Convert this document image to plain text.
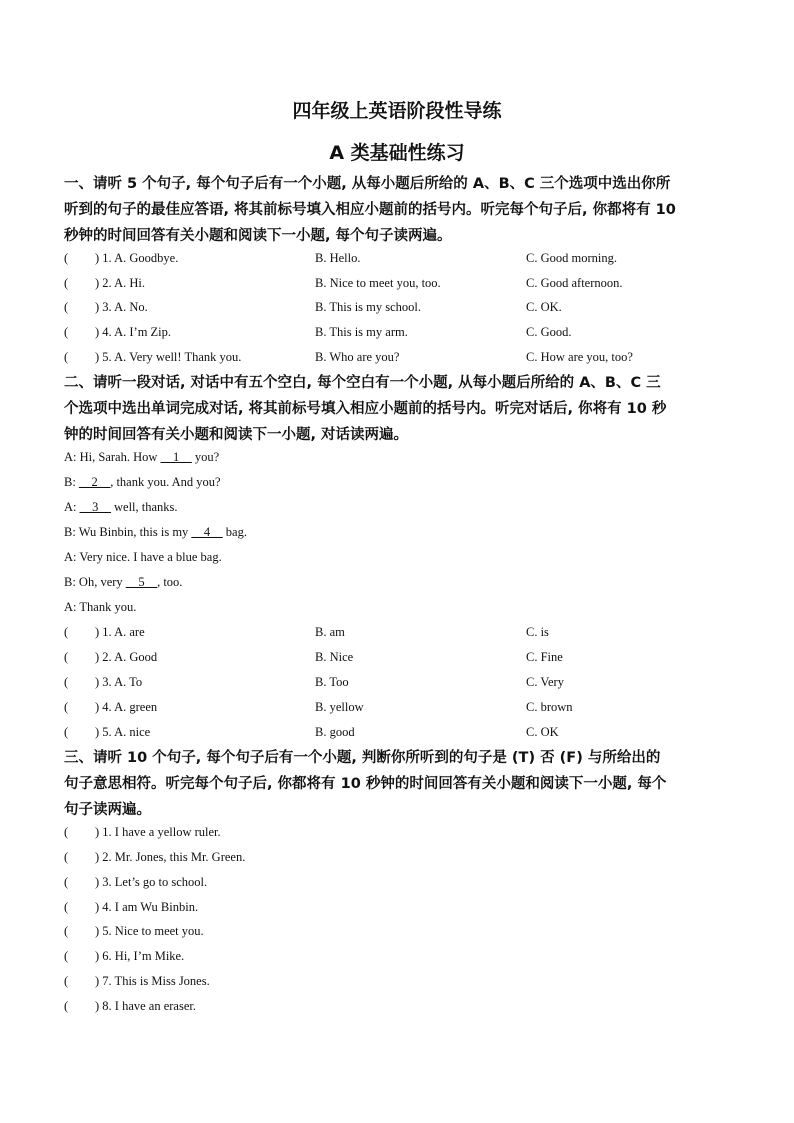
四年级上英语阶段性导练
A 类基础性练习
一、请听 5 个句子, 每个句子后有一个小题, 从每小题后所给的 A、B、C 三个选项中选出你所
听到的句子的最佳应答语, 将其前标号填入相应小题前的括号内。听完每个句子后, 你都将有 10
秒钟的时间回答有关小题和阅读下一小题, 每个句子读两遍。
( ) 1. A. Goodbye.	B. Hello.	C. Good morning.
( ) 2. A. Hi.	B. Nice to meet you, too.	C. Good afternoon.
( ) 3. A. No.	B. This is my school.	C. OK.
( ) 4. A. I’m Zip.	B. This is my arm.	C. Good.
( ) 5. A. Very well! Thank you.	B. Who are you?	C. How are you, too?
二、请听一段对话, 对话中有五个空白, 每个空白有一个小题, 从每小题后所给的 A、B、C 三
个选项中选出单词完成对话, 将其前标号填入相应小题前的括号内。听完对话后, 你将有 10 秒
钟的时间回答有关小题和阅读下一小题, 对话读两遍。
A: Hi, Sarah. How __1__ you?
B: __2__, thank you. And you?
A: __3__ well, thanks.
B: Wu Binbin, this is my __4__ bag.
A: Very nice. I have a blue bag.
B: Oh, very __5__, too.
A: Thank you.
( ) 1. A. are	B. am	C. is
( ) 2. A. Good	B. Nice	C. Fine
( ) 3. A. To	B. Too	C. Very
( ) 4. A. green	B. yellow	C. brown
( ) 5. A. nice	B. good	C. OK
三、请听 10 个句子, 每个句子后有一个小题, 判断你所听到的句子是 (T) 否 (F) 与所给出的
句子意思相符。听完每个句子后, 你都将有 10 秒钟的时间回答有关小题和阅读下一小题, 每个
句子读两遍。
( ) 1. I have a yellow ruler.
( ) 2. Mr. Jones, this Mr. Green.
( ) 3. Let’s go to school.
( ) 4. I am Wu Binbin.
( ) 5. Nice to meet you.
( ) 6. Hi, I’m Mike.
( ) 7. This is Miss Jones.
( ) 8. I have an eraser.
